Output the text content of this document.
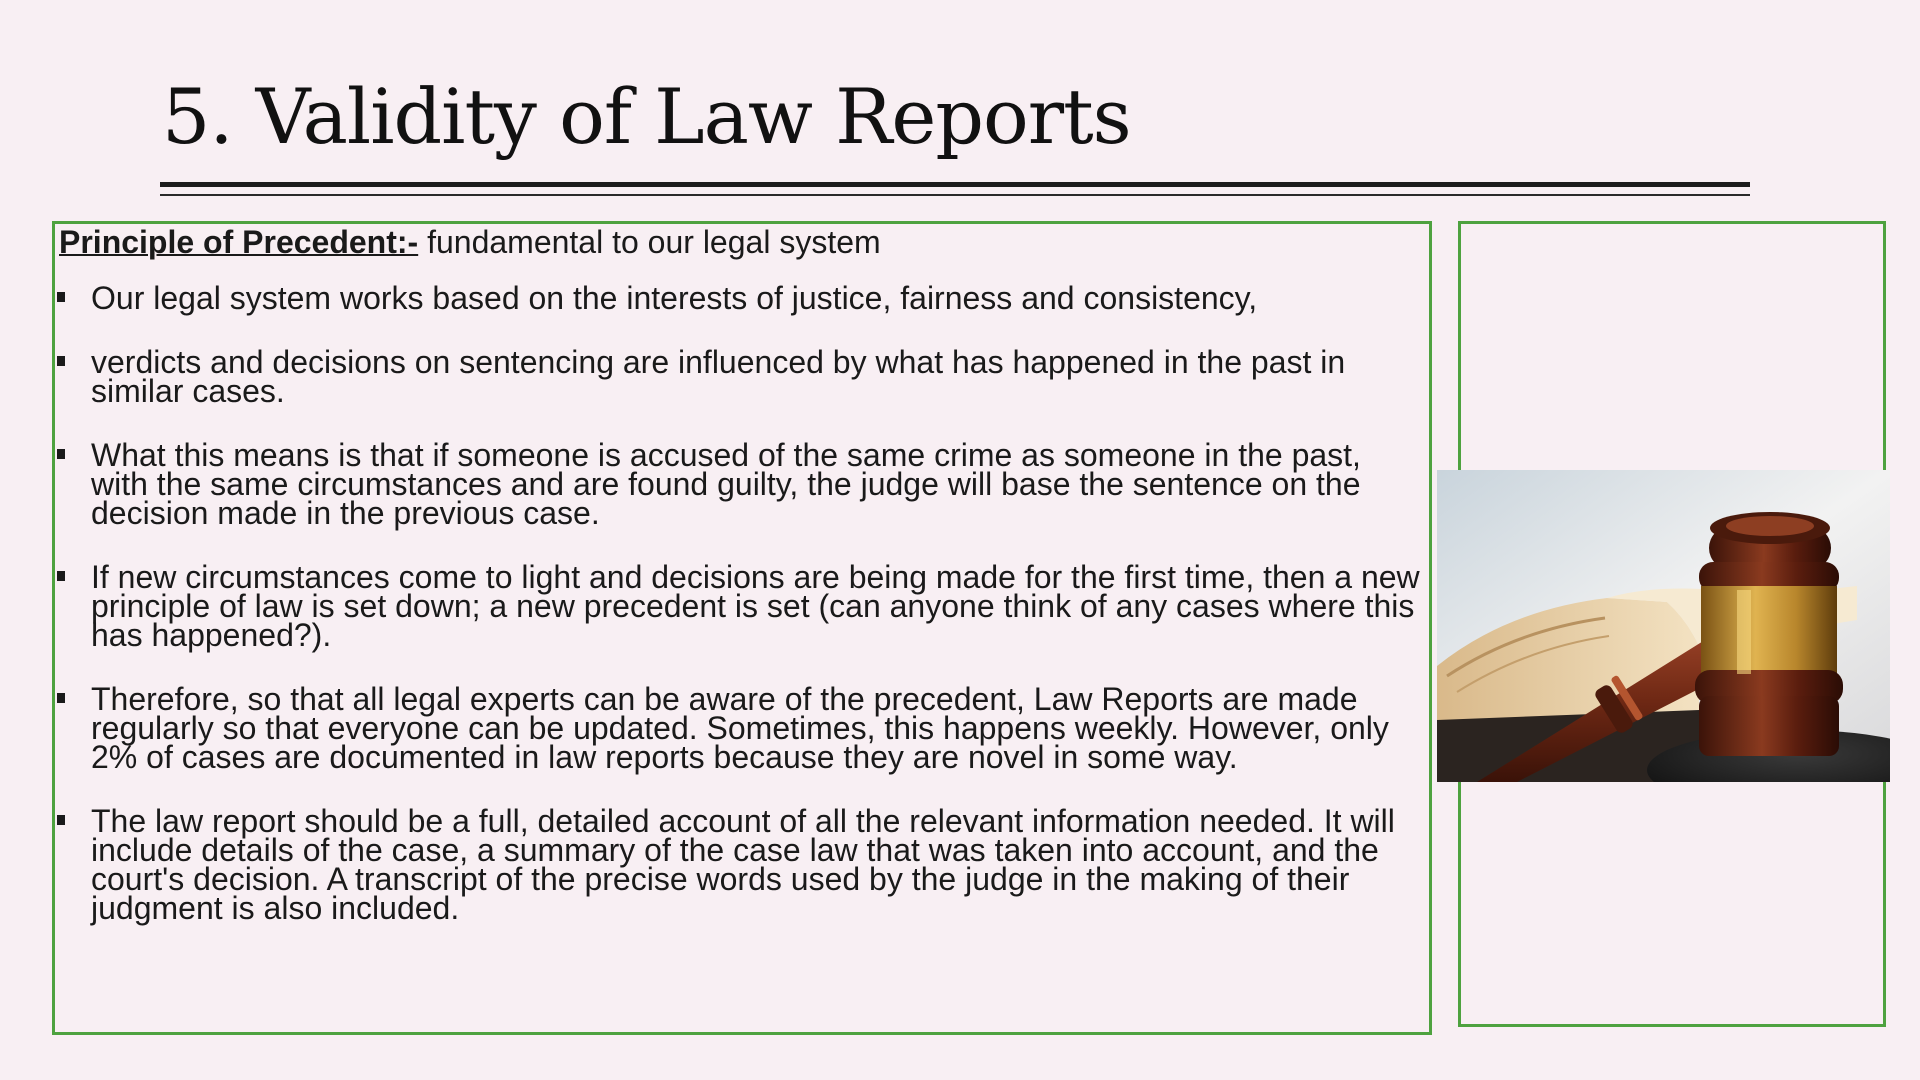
5. Validity of Law Reports

Principle of Precedent:- fundamental to our legal system

Our legal system works based on the interests of justice, fairness and consistency,
verdicts and decisions on sentencing are influenced by what has happened in the past in similar cases.
What this means is that if someone is accused of the same crime as someone in the past, with the same circumstances and are found guilty, the judge will base the sentence on the decision made in the previous case.
If new circumstances come to light and decisions are being made for the first time, then a new principle of law is set down; a new precedent is set (can anyone think of any cases where this has happened?).
Therefore, so that all legal experts can be aware of the precedent, Law Reports are made regularly so that everyone can be updated. Sometimes, this happens weekly. However, only 2% of cases are documented in law reports because they are novel in some way.
The law report should be a full, detailed account of all the relevant information needed. It will include details of the case, a summary of the case law that was taken into account, and the court's decision. A transcript of the precise words used by the judge in the making of their judgment is also included.
